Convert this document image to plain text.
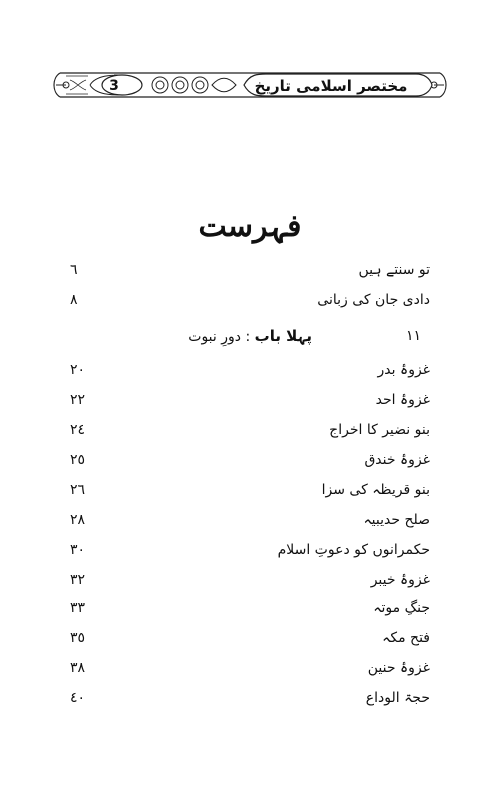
3	مختصر اسلامی تاریخ
فہرست
تو سنتے ہیں
٦
دادی جان کی زبانی
٨
پہلا باب : دورِ نبوت	١١
غزوۂ بدر
٢٠
غزوۂ احد
٢٢
بنو نضیر کا اخراج
٢٤
غزوۂ خندق
٢٥
بنو قریظہ کی سزا
٢٦
صلح حدیبیہ
٢٨
حکمرانوں کو دعوتِ اسلام
٣٠
غزوۂ خیبر
٣٢
جنگِ موتہ
٣٣
فتح مکہ
٣٥
غزوۂ حنین
٣٨
حجۃ الوداع
٤٠
